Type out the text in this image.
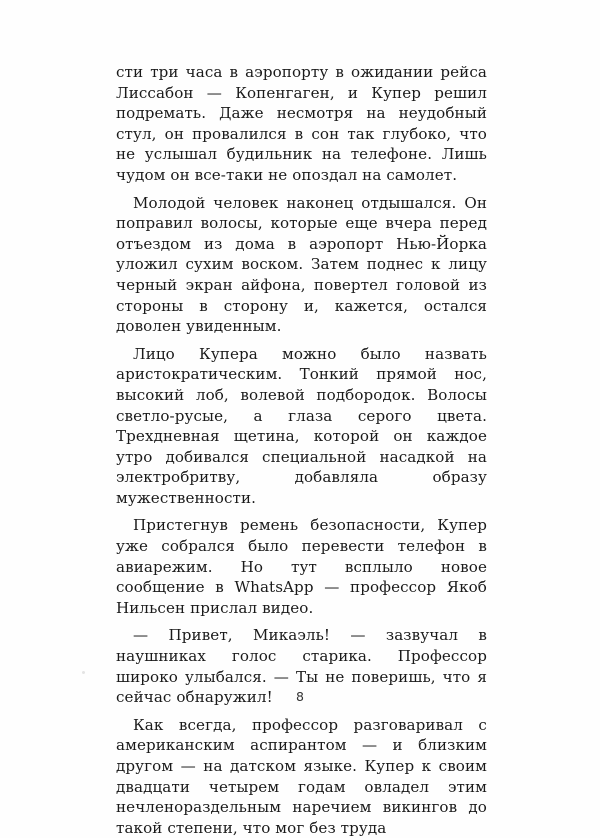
сти три часа в аэропорту в ожидании рейса Лиссабон — Копенгаген, и Купер решил подремать. Даже несмотря на неудобный стул, он провалился в сон так глубоко, что не услышал будильник на телефоне. Лишь чудом он все-таки не опоздал на самолет.

Молодой человек наконец отдышался. Он поправил волосы, которые еще вчера перед отъездом из дома в аэропорт Нью-Йорка уложил сухим воском. Затем поднес к лицу черный экран айфона, повертел головой из стороны в сторону и, кажется, остался доволен увиденным.

Лицо Купера можно было назвать аристократическим. Тонкий прямой нос, высокий лоб, волевой подбородок. Волосы светло-русые, а глаза серого цвета. Трехдневная щетина, которой он каждое утро добивался специальной насадкой на электробритву, добавляла образу мужественности.

Пристегнув ремень безопасности, Купер уже собрался было перевести телефон в авиарежим. Но тут всплыло новое сообщение в WhatsApp — профессор Якоб Нильсен прислал видео.

— Привет, Микаэль! — зазвучал в наушниках голос старика. Профессор широко улыбался. — Ты не поверишь, что я сейчас обнаружил!

Как всегда, профессор разговаривал с американским аспирантом — и близким другом — на датском языке. Купер к своим двадцати четырем годам овладел этим нечленораздельным наречием викингов до такой степени, что мог без труда

8
